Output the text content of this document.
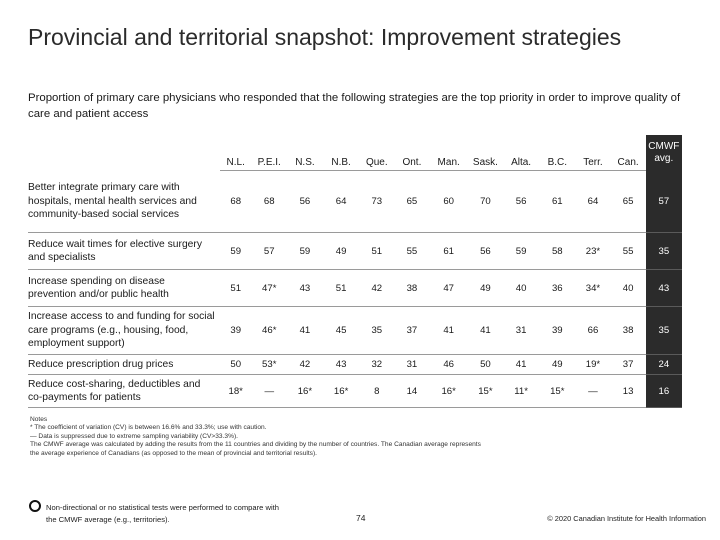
Provincial and territorial snapshot: Improvement strategies
Proportion of primary care physicians who responded that the following strategies are the top priority in order to improve quality of care and patient access
	N.L.	P.E.I.	N.S.	N.B.	Que.	Ont.	Man.	Sask.	Alta.	B.C.	Terr.	Can.	CMWF avg.
Better integrate primary care with hospitals, mental health services and community-based social services	68	68	56	64	73	65	60	70	56	61	64	65	57
Reduce wait times for elective surgery and specialists	59	57	59	49	51	55	61	56	59	58	23*	55	35
Increase spending on disease prevention and/or public health	51	47*	43	51	42	38	47	49	40	36	34*	40	43
Increase access to and funding for social care programs (e.g., housing, food, employment support)	39	46*	41	45	35	37	41	41	31	39	66	38	35
Reduce prescription drug prices	50	53*	42	43	32	31	46	50	41	49	19*	37	24
Reduce cost-sharing, deductibles and co-payments for patients	18*	—	16*	16*	8	14	16*	15*	11*	15*	—	13	16
Notes
* The coefficient of variation (CV) is between 16.6% and 33.3%; use with caution.
— Data is suppressed due to extreme sampling variability (CV>33.3%).
The CMWF average was calculated by adding the results from the 11 countries and dividing by the number of countries. The Canadian average represents
the average experience of Canadians (as opposed to the mean of provincial and territorial results).
Non-directional or no statistical tests were performed to compare with the CMWF average (e.g., territories).	74	© 2020 Canadian Institute for Health Information
